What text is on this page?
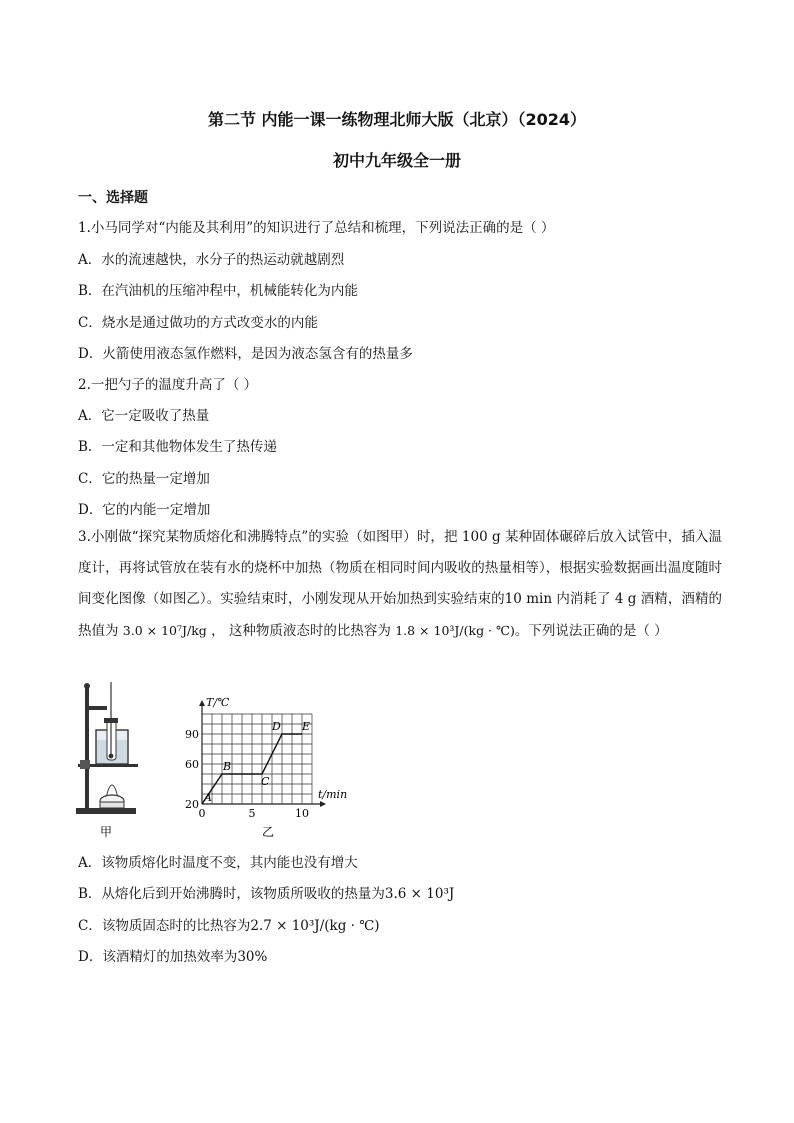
第二节 内能一课一练物理北师大版（北京）（2024）
初中九年级全一册
一、选择题
1.小马同学对“内能及其利用”的知识进行了总结和梳理，下列说法正确的是（ ）
A．水的流速越快，水分子的热运动就越剧烈
B．在汽油机的压缩冲程中，机械能转化为内能
C．烧水是通过做功的方式改变水的内能
D．火箭使用液态氢作燃料，是因为液态氢含有的热量多
2.一把勺子的温度升高了（ ）
A．它一定吸收了热量
B．一定和其他物体发生了热传递
C．它的热量一定增加
D．它的内能一定增加
3.小刚做“探究某物质熔化和沸腾特点”的实验（如图甲）时，把 100 g 某种固体碾碎后放入试管中，插入温度计，再将试管放在装有水的烧杯中加热（物质在相同时间内吸收的热量相等），根据实验数据画出温度随时间变化图像（如图乙）。实验结束时，小刚发现从开始加热到实验结束的10 min 内消耗了 4 g 酒精，酒精的热值为 3.0 × 10⁷J/kg ， 这种物质液态时的比热容为 1.8 × 10³J/(kg · ℃)。下列说法正确的是（ ）
甲
T/℃
t/min
0	5	10
20
60
90
A
B
C
D E
乙
A．该物质熔化时温度不变，其内能也没有增大
B．从熔化后到开始沸腾时，该物质所吸收的热量为3.6 × 10³J
C．该物质固态时的比热容为2.7 × 10³J/(kg · ℃)
D．该酒精灯的加热效率为30%
